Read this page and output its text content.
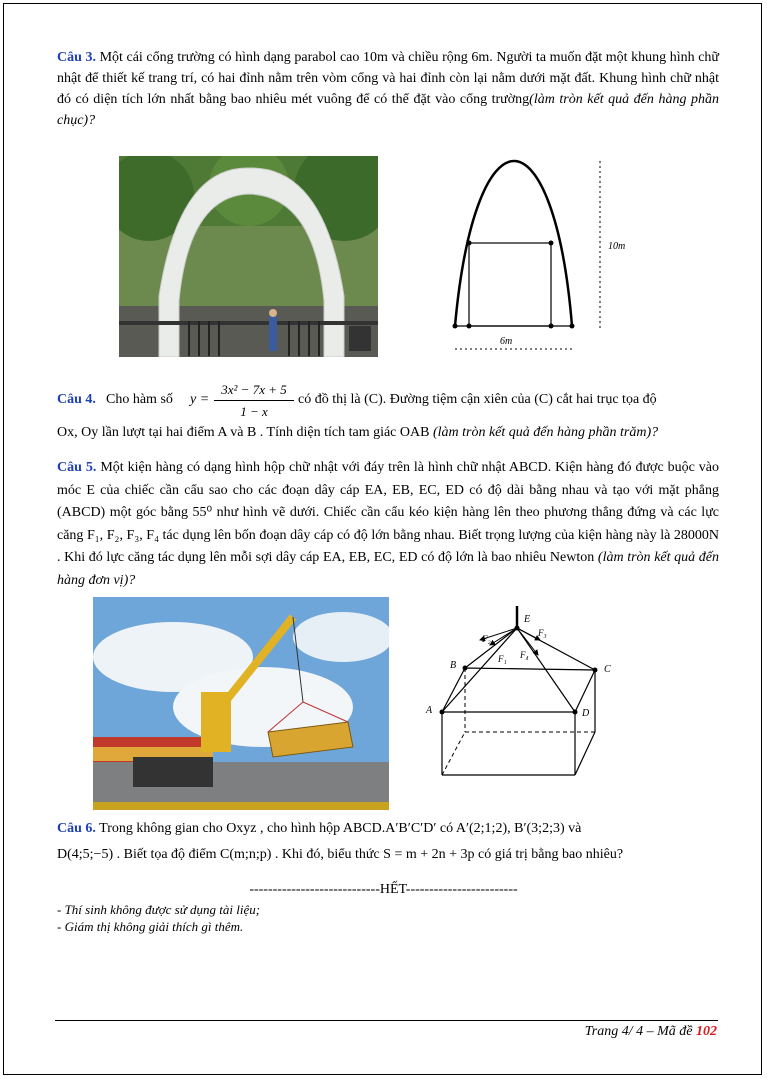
Câu 3. Một cái cổng trường có hình dạng parabol cao 10m và chiều rộng 6m. Người ta muốn đặt một khung hình chữ nhật để thiết kế trang trí, có hai đỉnh nằm trên vòm cổng và hai đỉnh còn lại nằm dưới mặt đất. Khung hình chữ nhật đó có diện tích lớn nhất bằng bao nhiêu mét vuông để có thể đặt vào cổng trường(làm tròn kết quả đến hàng phần chục)?
10m
6m
Câu 4. Cho hàm số y =
3x² − 7x + 5
1 − x
có đồ thị là (C). Đường tiệm cận xiên của (C) cắt hai trục tọa độ
Ox, Oy lần lượt tại hai điểm A và B . Tính diện tích tam giác OAB (làm tròn kết quả đến hàng phần trăm)?
Câu 5. Một kiện hàng có dạng hình hộp chữ nhật với đáy trên là hình chữ nhật ABCD. Kiện hàng đó được buộc vào móc E của chiếc cần cẩu sao cho các đoạn dây cáp EA, EB, EC, ED có độ dài bằng nhau và tạo với mặt phẳng (ABCD) một góc bằng 55⁰ như hình vẽ dưới. Chiếc cần cẩu kéo kiện hàng lên theo phương thẳng đứng và các lực căng F₁, F₂, F₃, F₄ tác dụng lên bốn đoạn dây cáp có độ lớn bằng nhau. Biết trọng lượng của kiện hàng này là 28000N . Khi đó lực căng tác dụng lên mỗi sợi dây cáp EA, EB, EC, ED có độ lớn là bao nhiêu Newton (làm tròn kết quả đến hàng đơn vị)?
E
E
A
B	C
D
F₂
F₁
F₃
F₄
Câu 6. Trong không gian cho Oxyz , cho hình hộp ABCD.A′B′C′D′ có A′(2;1;2), B′(3;2;3) và
D(4;5;−5) . Biết tọa độ điểm C(m;n;p) . Khi đó, biểu thức S = m + 2n + 3p có giá trị bằng bao nhiêu?
----------------------------HẾT------------------------
- Thí sinh không được sử dụng tài liệu;
- Giám thị không giải thích gì thêm.
Trang 4/ 4 – Mã đề 102
